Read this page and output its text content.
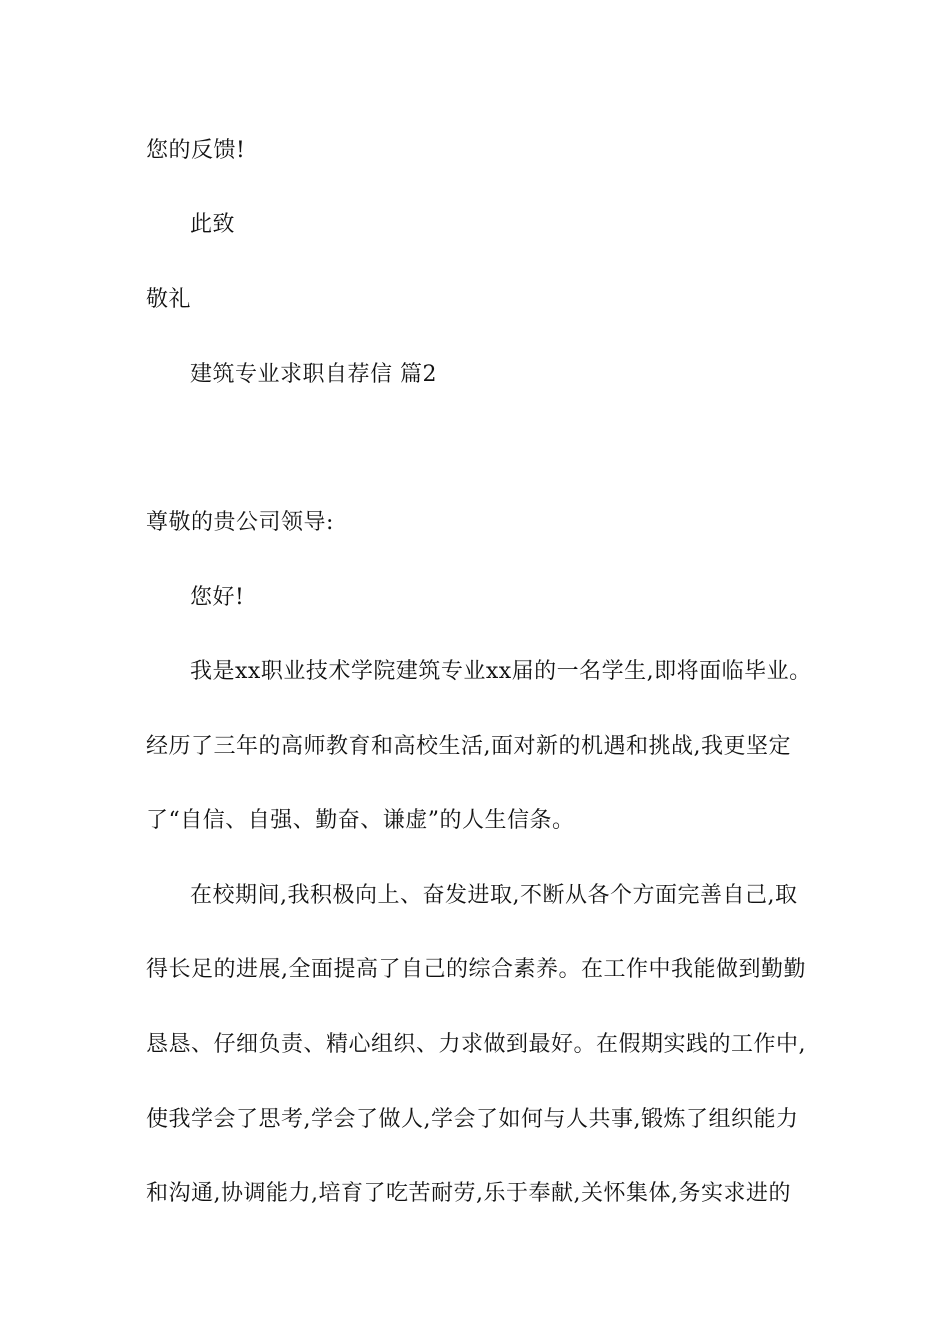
您的反馈!
此致
敬礼
建筑专业求职自荐信 篇2
尊敬的贵公司领导:
您好!
我是xx职业技术学院建筑专业xx届的一名学生,即将面临毕业。
经历了三年的高师教育和高校生活,面对新的机遇和挑战,我更坚定
了“自信、自强、勤奋、谦虚”的人生信条。
在校期间,我积极向上、奋发进取,不断从各个方面完善自己,取
得长足的进展,全面提高了自己的综合素养。在工作中我能做到勤勤
恳恳、仔细负责、精心组织、力求做到最好。在假期实践的工作中,
使我学会了思考,学会了做人,学会了如何与人共事,锻炼了组织能力
和沟通,协调能力,培育了吃苦耐劳,乐于奉献,关怀集体,务实求进的
